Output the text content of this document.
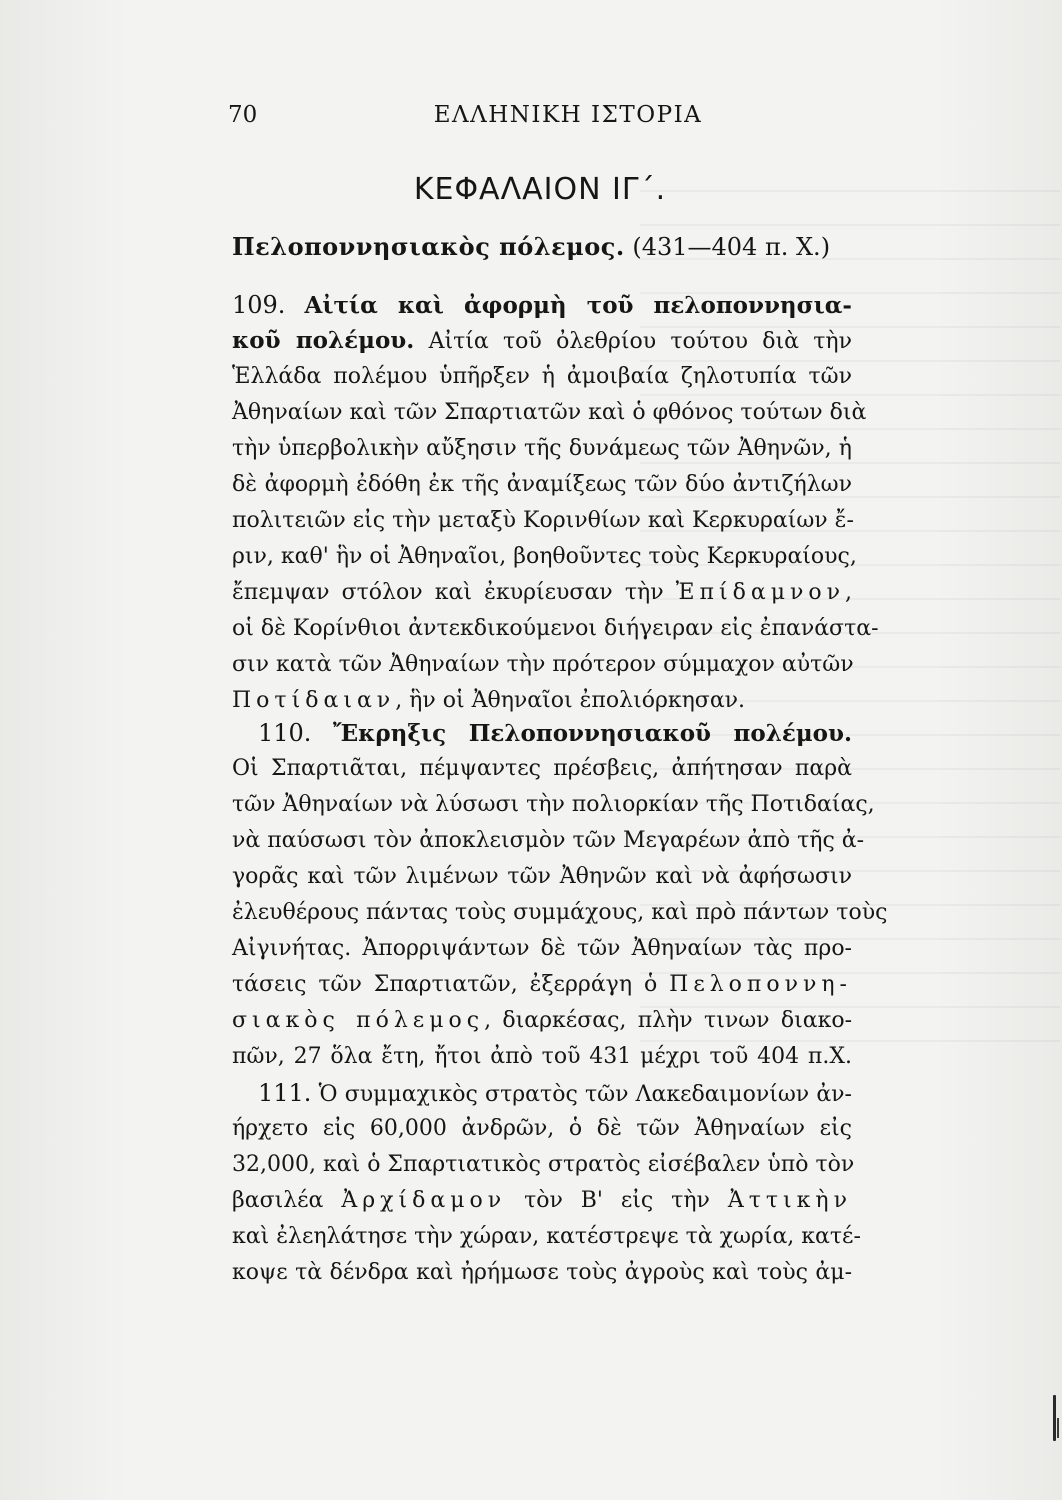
70	ΕΛΛΗΝΙΚΗ ΙΣΤΟΡΙΑ
ΚΕΦΑΛΑΙΟΝ ΙΓ΄.
Πελοποννησιακὸς πόλεμος. (431—404 π. Χ.)
109. Αἰτία καὶ ἀφορμὴ τοῦ πελοποννησια-
κοῦ πολέμου. Αἰτία τοῦ ὀλεθρίου τούτου διὰ τὴν
Ἑλλάδα πολέμου ὑπῆρξεν ἡ ἀμοιβαία ζηλοτυπία τῶν
Ἀθηναίων καὶ τῶν Σπαρτιατῶν καὶ ὁ φθόνος τούτων διὰ
τὴν ὑπερβολικὴν αὔξησιν τῆς δυνάμεως τῶν Ἀθηνῶν, ἡ
δὲ ἀφορμὴ ἐδόθη ἐκ τῆς ἀναμίξεως τῶν δύο ἀντιζήλων
πολιτειῶν εἰς τὴν μεταξὺ Κορινθίων καὶ Κερκυραίων ἔ-
ριν, καθ' ἣν οἱ Ἀθηναῖοι, βοηθοῦντες τοὺς Κερκυραίους,
ἔπεμψαν στόλον καὶ ἐκυρίευσαν τὴν Ἐπίδαμνον,
οἱ δὲ Κορίνθιοι ἀντεκδικούμενοι διήγειραν εἰς ἐπανάστα-
σιν κατὰ τῶν Ἀθηναίων τὴν πρότερον σύμμαχον αὐτῶν
Ποτίδαιαν, ἣν οἱ Ἀθηναῖοι ἐπολιόρκησαν.
110. Ἔκρηξις Πελοποννησιακοῦ πολέμου.
Οἱ Σπαρτιᾶται, πέμψαντες πρέσβεις, ἀπήτησαν παρὰ
τῶν Ἀθηναίων νὰ λύσωσι τὴν πολιορκίαν τῆς Ποτιδαίας,
νὰ παύσωσι τὸν ἀποκλεισμὸν τῶν Μεγαρέων ἀπὸ τῆς ἀ-
γορᾶς καὶ τῶν λιμένων τῶν Ἀθηνῶν καὶ νὰ ἀφήσωσιν
ἐλευθέρους πάντας τοὺς συμμάχους, καὶ πρὸ πάντων τοὺς
Αἰγινήτας. Ἀπορριψάντων δὲ τῶν Ἀθηναίων τὰς προ-
τάσεις τῶν Σπαρτιατῶν, ἐξερράγη ὁ Πελοποννη-
σιακὸς πόλεμος, διαρκέσας, πλὴν τινων διακο-
πῶν, 27 ὅλα ἔτη, ἤτοι ἀπὸ τοῦ 431 μέχρι τοῦ 404 π.Χ.
111. Ὁ συμμαχικὸς στρατὸς τῶν Λακεδαιμονίων ἀν-
ήρχετο εἰς 60,000 ἀνδρῶν, ὁ δὲ τῶν Ἀθηναίων εἰς
32,000, καὶ ὁ Σπαρτιατικὸς στρατὸς εἰσέβαλεν ὑπὸ τὸν
βασιλέα Ἀρχίδαμον τὸν Β' εἰς τὴν Ἀττικὴν
καὶ ἐλεηλάτησε τὴν χώραν, κατέστρεψε τὰ χωρία, κατέ-
κοψε τὰ δένδρα καὶ ἠρήμωσε τοὺς ἀγροὺς καὶ τοὺς ἀμ-
